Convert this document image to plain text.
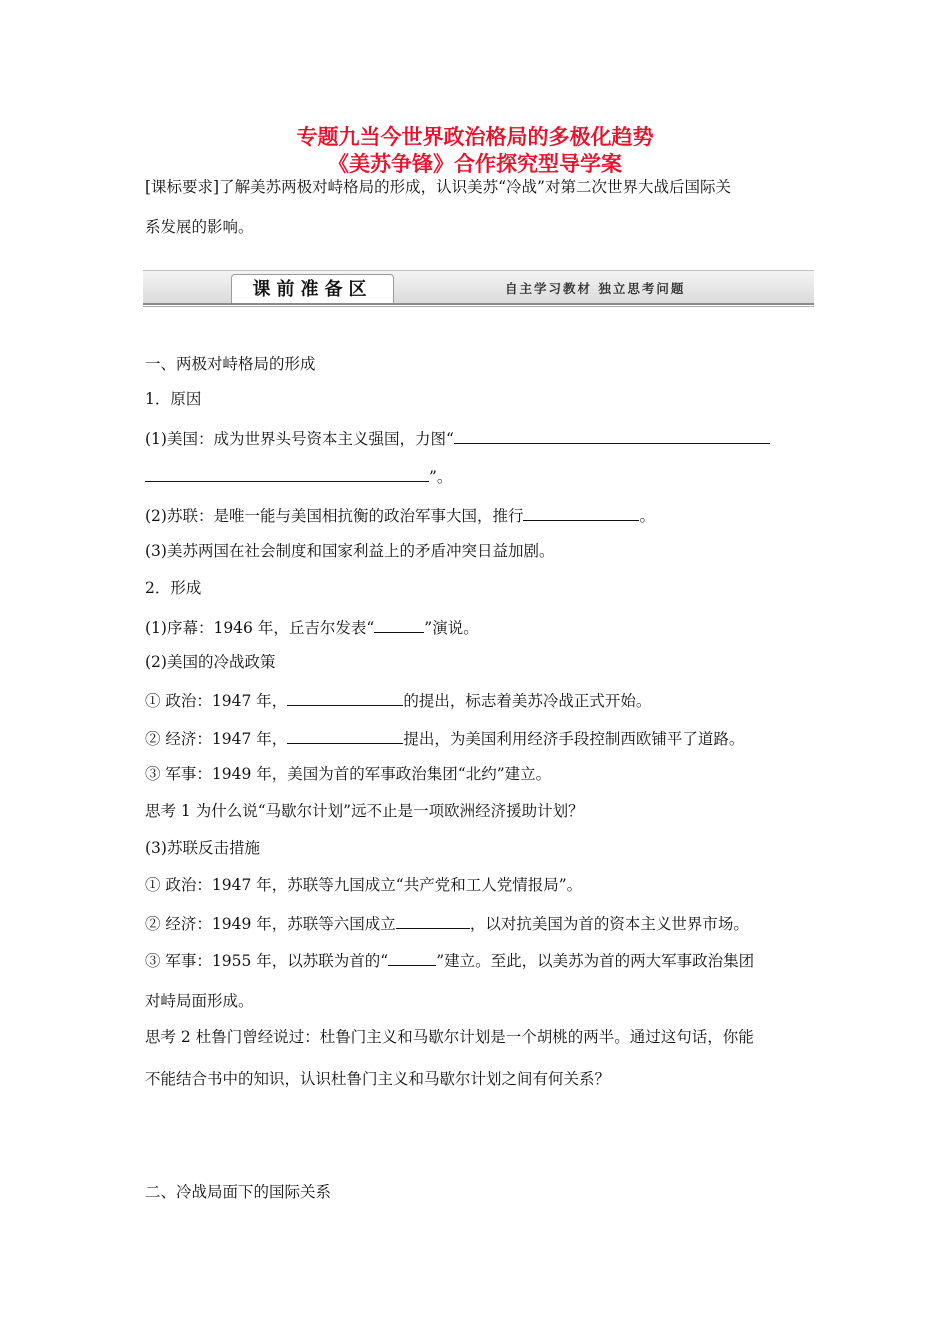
专题九当今世界政治格局的多极化趋势
《美苏争锋》合作探究型导学案
[课标要求]了解美苏两极对峙格局的形成，认识美苏“冷战”对第二次世界大战后国际关
系发展的影响。
课前准备区	自主学习教材 独立思考问题
一、两极对峙格局的形成
1．原因
(1)美国：成为世界头号资本主义强国，力图“
”。
(2)苏联：是唯一能与美国相抗衡的政治军事大国，推行	。
(3)美苏两国在社会制度和国家利益上的矛盾冲突日益加剧。
2．形成
(1)序幕：1946 年，丘吉尔发表“	”演说。
(2)美国的冷战政策
① 政治：1947 年，	的提出，标志着美苏冷战正式开始。
② 经济：1947 年，	提出，为美国利用经济手段控制西欧铺平了道路。
③ 军事：1949 年，美国为首的军事政治集团“北约”建立。
思考 1 为什么说“马歇尔计划”远不止是一项欧洲经济援助计划？
(3)苏联反击措施
① 政治：1947 年，苏联等九国成立“共产党和工人党情报局”。
② 经济：1949 年，苏联等六国成立	，以对抗美国为首的资本主义世界市场。
③ 军事：1955 年，以苏联为首的“	”建立。至此，以美苏为首的两大军事政治集团
对峙局面形成。
思考 2 杜鲁门曾经说过：杜鲁门主义和马歇尔计划是一个胡桃的两半。通过这句话，你能
不能结合书中的知识，认识杜鲁门主义和马歇尔计划之间有何关系？
二、冷战局面下的国际关系
